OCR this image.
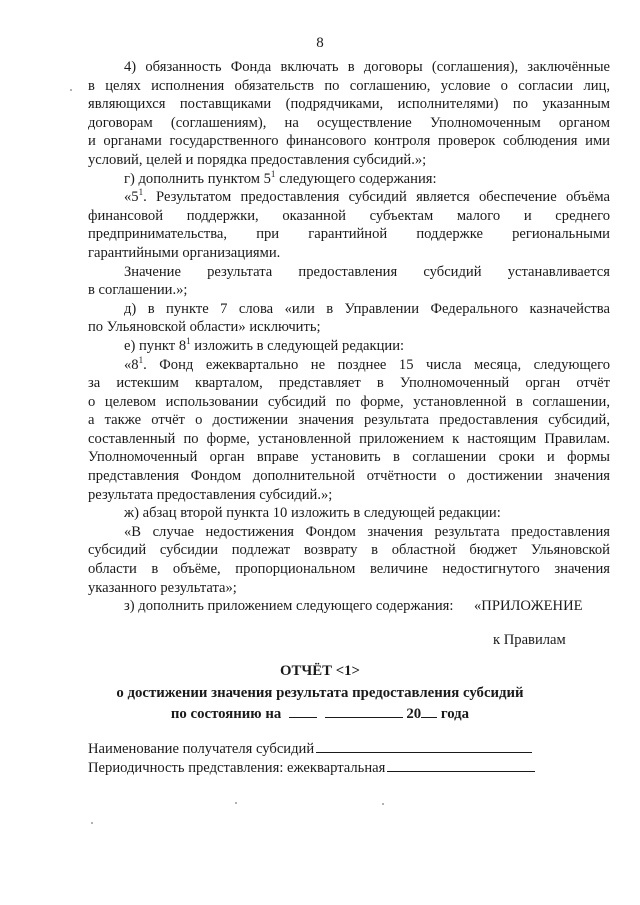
8

4) обязанность Фонда включать в договоры (соглашения), заключённые

в целях исполнения обязательств по соглашению, условие о согласии лиц,

являющихся поставщиками (подрядчиками, исполнителями) по указанным

договорам (соглашениям), на осуществление Уполномоченным органом

и органами государственного финансового контроля проверок соблюдения ими

условий, целей и порядка предоставления субсидий.»;

г) дополнить пунктом $5^1$ следующего содержания:

«$5^1$. Результатом предоставления субсидий является обеспечение объёма

финансовой поддержки, оказанной субъектам малого и среднего

предпринимательства, при гарантийной поддержке региональными

гарантийными организациями.

Значение результата предоставления субсидий устанавливается

в соглашении.»;

д) в пункте 7 слова «или в Управлении Федерального казначейства

по Ульяновской области» исключить;

е) пункт $8^1$ изложить в следующей редакции:

«$8^1$. Фонд ежеквартально не позднее 15 числа месяца, следующего

за истекшим кварталом, представляет в Уполномоченный орган отчёт

о целевом использовании субсидий по форме, установленной в соглашении,

а также отчёт о достижении значения результата предоставления субсидий,

составленный по форме, установленной приложением к настоящим Правилам.

Уполномоченный орган вправе установить в соглашении сроки и формы

представления Фондом дополнительной отчётности о достижении значения

результата предоставления субсидий.»;

ж) абзац второй пункта 10 изложить в следующей редакции:

«В случае недостижения Фондом значения результата предоставления

субсидий субсидии подлежат возврату в областной бюджет Ульяновской

области в объёме, пропорциональном величине недостигнутого значения

указанного результата»;

з) дополнить приложением следующего содержания:	«ПРИЛОЖЕНИЕ
к Правилам
ОТЧЁТ <1>
о достижении значения результата предоставления субсидий
по состоянию на	20 года
Наименование получателя субсидий
Периодичность представления: ежеквартальная
